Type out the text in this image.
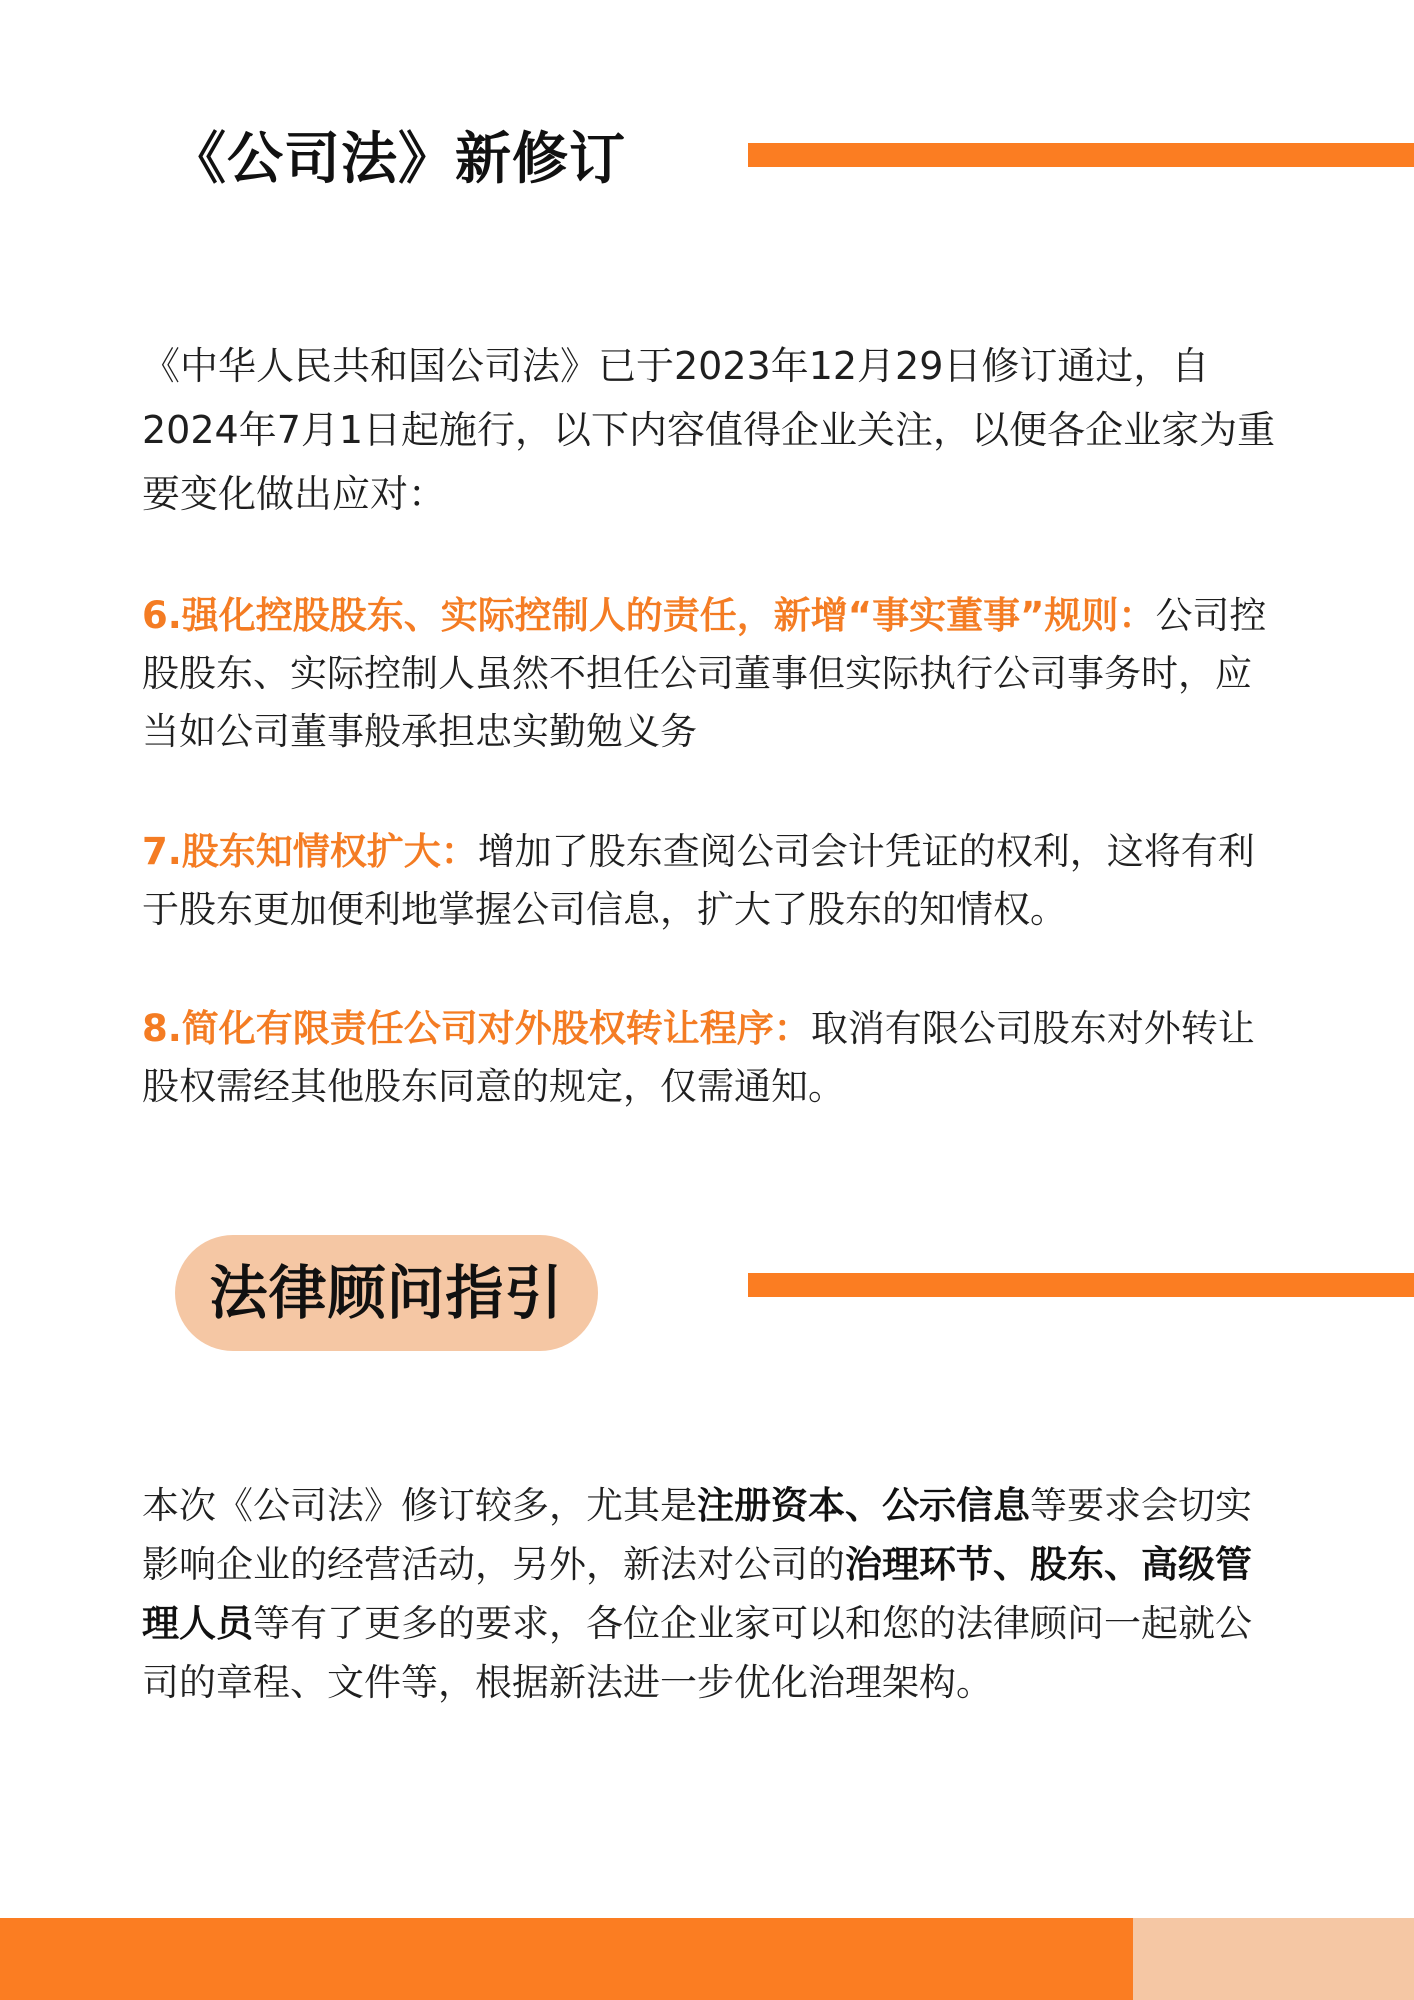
《公司法》新修订
《中华人民共和国公司法》已于2023年12月29日修订通过，自2024年7月1日起施行，以下内容值得企业关注，以便各企业家为重要变化做出应对：
6.强化控股股东、实际控制人的责任，新增“事实董事”规则：公司控股股东、实际控制人虽然不担任公司董事但实际执行公司事务时，应当如公司董事般承担忠实勤勉义务
7.股东知情权扩大：增加了股东查阅公司会计凭证的权利，这将有利于股东更加便利地掌握公司信息，扩大了股东的知情权。
8.简化有限责任公司对外股权转让程序：取消有限公司股东对外转让股权需经其他股东同意的规定，仅需通知。
法律顾问指引
本次《公司法》修订较多，尤其是注册资本、公示信息等要求会切实影响企业的经营活动，另外，新法对公司的治理环节、股东、高级管理人员等有了更多的要求，各位企业家可以和您的法律顾问一起就公司的章程、文件等，根据新法进一步优化治理架构。
